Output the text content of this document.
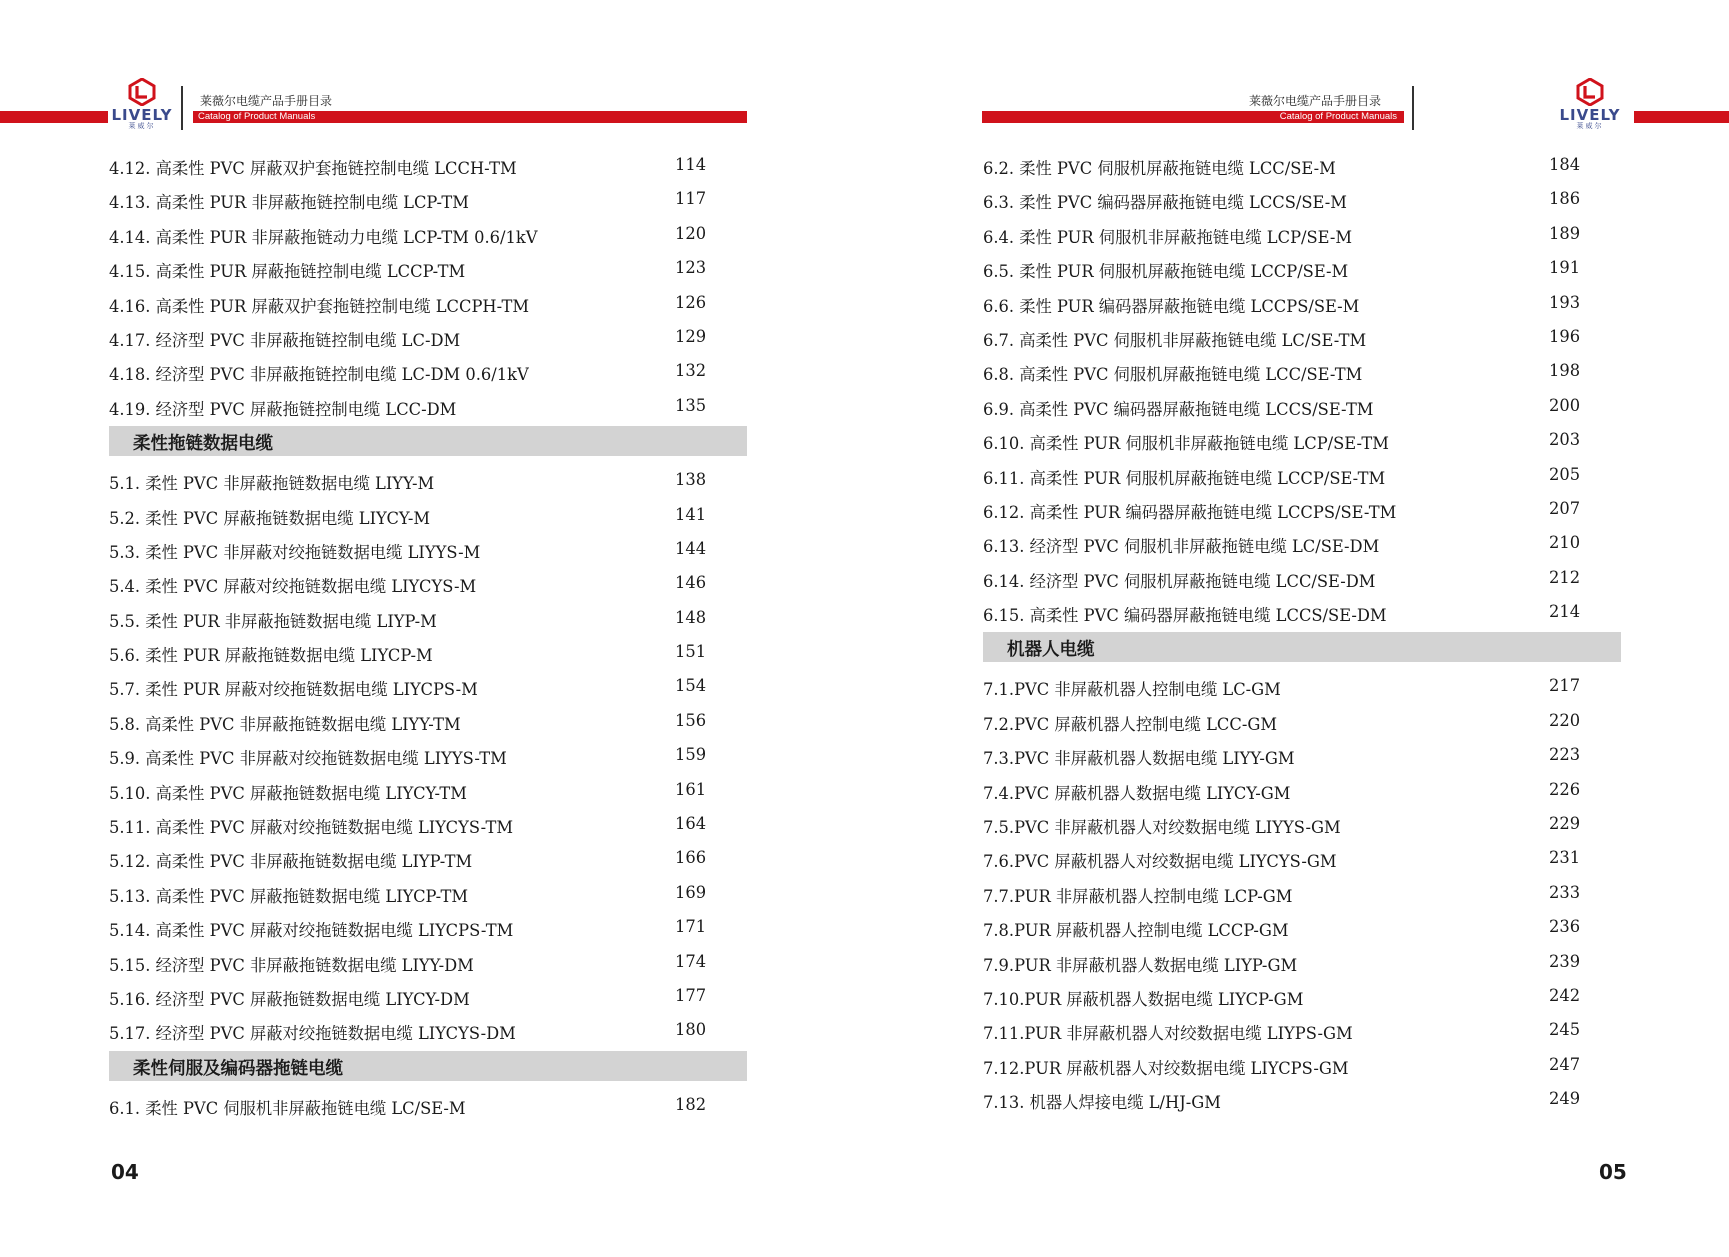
LIVELY
莱威尔
莱薇尔电缆产品手册目录
Catalog of Product Manuals
4.12. 高柔性 PVC 屏蔽双护套拖链控制电缆 LCCH-TM	114
4.13. 高柔性 PUR 非屏蔽拖链控制电缆 LCP-TM	117
4.14. 高柔性 PUR 非屏蔽拖链动力电缆 LCP-TM 0.6/1kV	120
4.15. 高柔性 PUR 屏蔽拖链控制电缆 LCCP-TM	123
4.16. 高柔性 PUR 屏蔽双护套拖链控制电缆 LCCPH-TM	126
4.17. 经济型 PVC 非屏蔽拖链控制电缆 LC-DM	129
4.18. 经济型 PVC 非屏蔽拖链控制电缆 LC-DM 0.6/1kV	132
4.19. 经济型 PVC 屏蔽拖链控制电缆 LCC-DM	135
柔性拖链数据电缆
5.1. 柔性 PVC 非屏蔽拖链数据电缆 LIYY-M	138
5.2. 柔性 PVC 屏蔽拖链数据电缆 LIYCY-M	141
5.3. 柔性 PVC 非屏蔽对绞拖链数据电缆 LIYYS-M	144
5.4. 柔性 PVC 屏蔽对绞拖链数据电缆 LIYCYS-M	146
5.5. 柔性 PUR 非屏蔽拖链数据电缆 LIYP-M	148
5.6. 柔性 PUR 屏蔽拖链数据电缆 LIYCP-M	151
5.7. 柔性 PUR 屏蔽对绞拖链数据电缆 LIYCPS-M	154
5.8. 高柔性 PVC 非屏蔽拖链数据电缆 LIYY-TM	156
5.9. 高柔性 PVC 非屏蔽对绞拖链数据电缆 LIYYS-TM	159
5.10. 高柔性 PVC 屏蔽拖链数据电缆 LIYCY-TM	161
5.11. 高柔性 PVC 屏蔽对绞拖链数据电缆 LIYCYS-TM	164
5.12. 高柔性 PVC 非屏蔽拖链数据电缆 LIYP-TM	166
5.13. 高柔性 PVC 屏蔽拖链数据电缆 LIYCP-TM	169
5.14. 高柔性 PVC 屏蔽对绞拖链数据电缆 LIYCPS-TM	171
5.15. 经济型 PVC 非屏蔽拖链数据电缆 LIYY-DM	174
5.16. 经济型 PVC 屏蔽拖链数据电缆 LIYCY-DM	177
5.17. 经济型 PVC 屏蔽对绞拖链数据电缆 LIYCYS-DM	180
柔性伺服及编码器拖链电缆
6.1. 柔性 PVC 伺服机非屏蔽拖链电缆 LC/SE-M	182
04
莱薇尔电缆产品手册目录
Catalog of Product Manuals	LIVELY
莱威尔
6.2. 柔性 PVC 伺服机屏蔽拖链电缆 LCC/SE-M	184
6.3. 柔性 PVC 编码器屏蔽拖链电缆 LCCS/SE-M	186
6.4. 柔性 PUR 伺服机非屏蔽拖链电缆 LCP/SE-M	189
6.5. 柔性 PUR 伺服机屏蔽拖链电缆 LCCP/SE-M	191
6.6. 柔性 PUR 编码器屏蔽拖链电缆 LCCPS/SE-M	193
6.7. 高柔性 PVC 伺服机非屏蔽拖链电缆 LC/SE-TM	196
6.8. 高柔性 PVC 伺服机屏蔽拖链电缆 LCC/SE-TM	198
6.9. 高柔性 PVC 编码器屏蔽拖链电缆 LCCS/SE-TM	200
6.10. 高柔性 PUR 伺服机非屏蔽拖链电缆 LCP/SE-TM	203
6.11. 高柔性 PUR 伺服机屏蔽拖链电缆 LCCP/SE-TM	205
6.12. 高柔性 PUR 编码器屏蔽拖链电缆 LCCPS/SE-TM	207
6.13. 经济型 PVC 伺服机非屏蔽拖链电缆 LC/SE-DM	210
6.14. 经济型 PVC 伺服机屏蔽拖链电缆 LCC/SE-DM	212
6.15. 高柔性 PVC 编码器屏蔽拖链电缆 LCCS/SE-DM	214
机器人电缆
7.1.PVC 非屏蔽机器人控制电缆 LC-GM	217
7.2.PVC 屏蔽机器人控制电缆 LCC-GM	220
7.3.PVC 非屏蔽机器人数据电缆 LIYY-GM	223
7.4.PVC 屏蔽机器人数据电缆 LIYCY-GM	226
7.5.PVC 非屏蔽机器人对绞数据电缆 LIYYS-GM	229
7.6.PVC 屏蔽机器人对绞数据电缆 LIYCYS-GM	231
7.7.PUR 非屏蔽机器人控制电缆 LCP-GM	233
7.8.PUR 屏蔽机器人控制电缆 LCCP-GM	236
7.9.PUR 非屏蔽机器人数据电缆 LIYP-GM	239
7.10.PUR 屏蔽机器人数据电缆 LIYCP-GM	242
7.11.PUR 非屏蔽机器人对绞数据电缆 LIYPS-GM	245
7.12.PUR 屏蔽机器人对绞数据电缆 LIYCPS-GM	247
7.13. 机器人焊接电缆 L/HJ-GM	249
05
